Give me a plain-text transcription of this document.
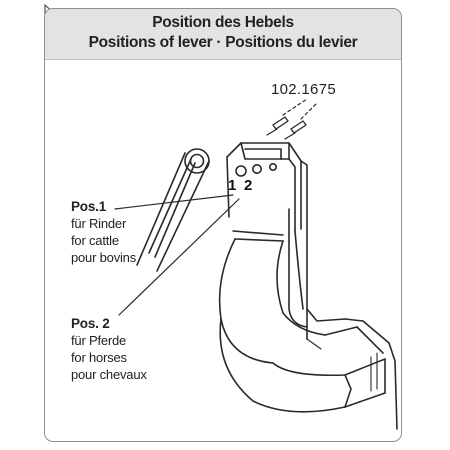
Position des Hebels
Positions of lever · Positions du levier
102.1675
1 2
Pos.1
für Rinder
for cattle
pour bovins
Pos. 2
für Pferde
for horses
pour chevaux
